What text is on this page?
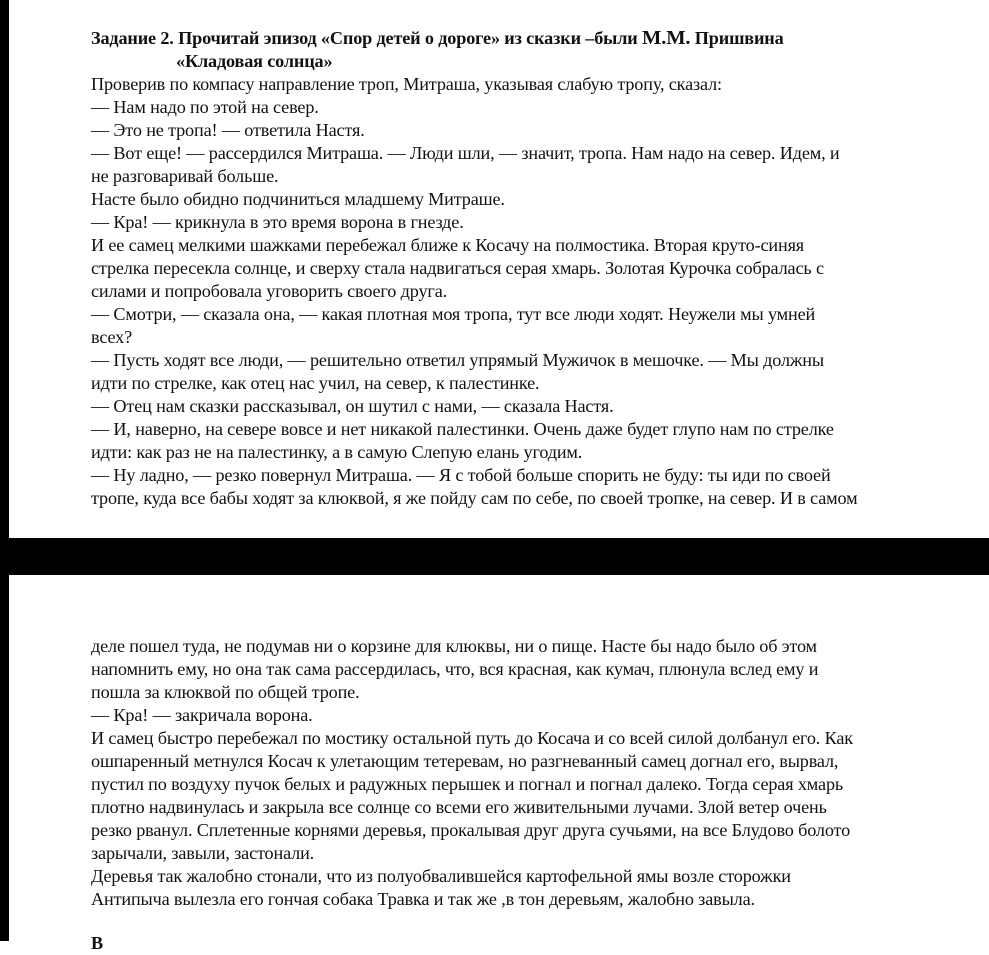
Задание 2. Прочитай эпизод «Спор детей о дороге» из сказки –были М.М. Пришвина
«Кладовая солнца»
Проверив по компасу направление троп, Митраша, указывая слабую тропу, сказал:
— Нам надо по этой на север.
— Это не тропа! — ответила Настя.
— Вот еще! — рассердился Митраша. — Люди шли, — значит, тропа. Нам надо на север. Идем, и
не разговаривай больше.
Насте было обидно подчиниться младшему Митраше.
— Кра! — крикнула в это время ворона в гнезде.
И ее самец мелкими шажками перебежал ближе к Косачу на полмостика. Вторая круто-синяя
стрелка пересекла солнце, и сверху стала надвигаться серая хмарь. Золотая Курочка собралась с
силами и попробовала уговорить своего друга.
— Смотри, — сказала она, — какая плотная моя тропа, тут все люди ходят. Неужели мы умней
всех?
— Пусть ходят все люди, — решительно ответил упрямый Мужичок в мешочке. — Мы должны
идти по стрелке, как отец нас учил, на север, к палестинке.
— Отец нам сказки рассказывал, он шутил с нами, — сказала Настя.
— И, наверно, на севере вовсе и нет никакой палестинки. Очень даже будет глупо нам по стрелке
идти: как раз не на палестинку, а в самую Слепую елань угодим.
— Ну ладно, — резко повернул Митраша. — Я с тобой больше спорить не буду: ты иди по своей
тропе, куда все бабы ходят за клюквой, я же пойду сам по себе, по своей тропке, на север. И в самом
деле пошел туда, не подумав ни о корзине для клюквы, ни о пище. Насте бы надо было об этом
напомнить ему, но она так сама рассердилась, что, вся красная, как кумач, плюнула вслед ему и
пошла за клюквой по общей тропе.
— Кра! — закричала ворона.
И самец быстро перебежал по мостику остальной путь до Косача и со всей силой долбанул его. Как
ошпаренный метнулся Косач к улетающим тетеревам, но разгневанный самец догнал его, вырвал,
пустил по воздуху пучок белых и радужных перышек и погнал и погнал далеко. Тогда серая хмарь
плотно надвинулась и закрыла все солнце со всеми его живительными лучами. Злой ветер очень
резко рванул. Сплетенные корнями деревья, прокалывая друг друга сучьями, на все Блудово болото
зарычали, завыли, застонали.
Деревья так жалобно стонали, что из полуобвалившейся картофельной ямы возле сторожки
Антипыча вылезла его гончая собака Травка и так же ,в тон деревьям, жалобно завыла.
В
